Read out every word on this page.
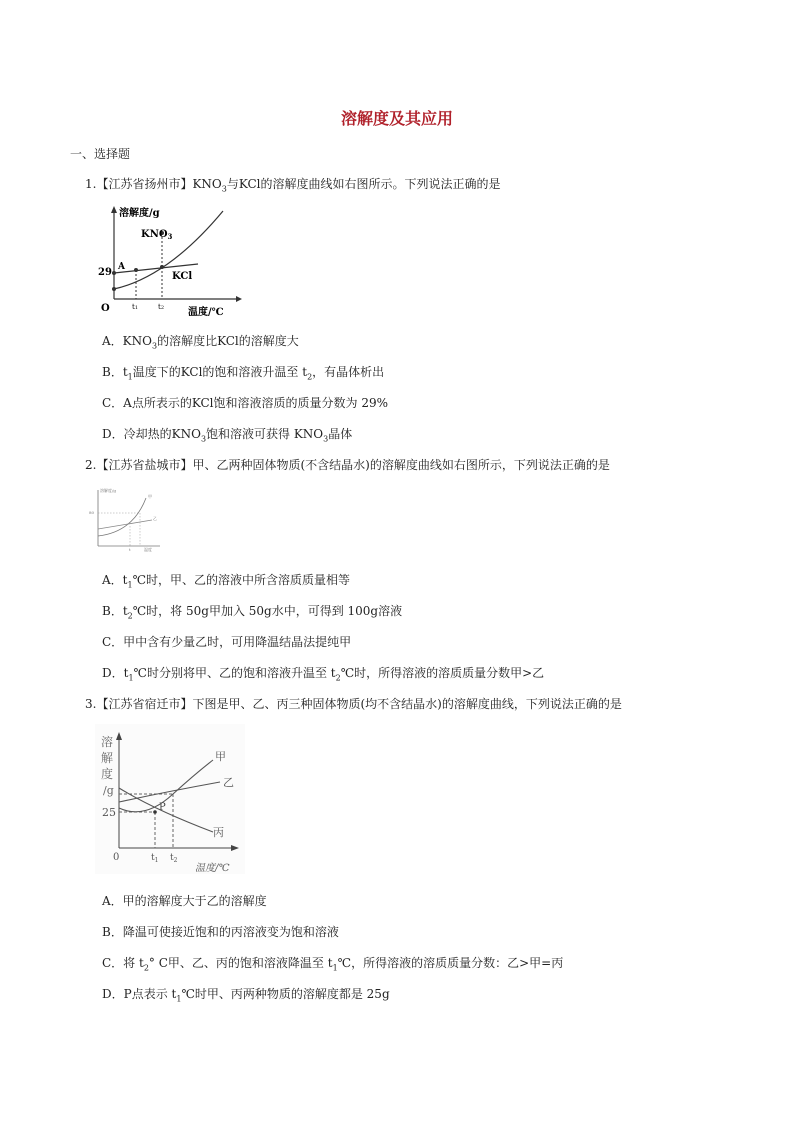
溶解度及其应用
一、选择题
1.【江苏省扬州市】$KNO_3$与KCl的溶解度曲线如右图所示。下列说法正确的是
溶解度/g
O
29
温度/℃
A
$KNO_3$
KCl
t1	t2
A．$KNO_3$的溶解度比KCl的溶解度大
B．$t_1$温度下的KCl的饱和溶液升温至 $t_2$，有晶体析出
C．A点所表示的KCl饱和溶液溶质的质量分数为 29%
D．冷却热的$KNO_3$饱和溶液可获得 $KNO_3$晶体
2.【江苏省盐城市】甲、乙两种固体物质(不含结晶水)的溶解度曲线如右图所示，下列说法正确的是
溶解度/g
80
甲
乙
t	温度
A．$t_1℃$时，甲、乙的溶液中所含溶质质量相等
B．$t_2℃$时，将 50g甲加入 50g水中，可得到 100g溶液
C．甲中含有少量乙时，可用降温结晶法提纯甲
D．$t_1℃$时分别将甲、乙的饱和溶液升温至 $t_2℃$时，所得溶液的溶质质量分数甲>乙
3.【江苏省宿迁市】下图是甲、乙、丙三种固体物质(均不含结晶水)的溶解度曲线，下列说法正确的是
溶
解
度
/g
25
0
P
甲
乙
丙
$t_1$ $t_2$
温度/℃
A．甲的溶解度大于乙的溶解度
B．降温可使接近饱和的丙溶液变为饱和溶液
C．将 $t_2^\circ$ C甲、乙、丙的饱和溶液降温至 $t_1℃$，所得溶液的溶质质量分数：乙>甲=丙
D．P点表示 $t_1℃$时甲、丙两种物质的溶解度都是 25g
